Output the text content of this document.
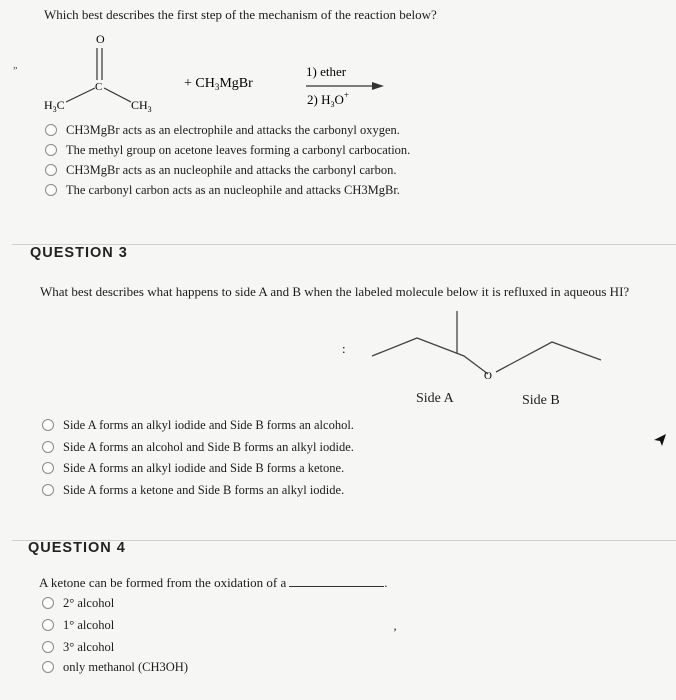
Which best describes the first step of the mechanism of the reaction below?
O
C
$H_3C$	$CH_3$
+ $CH_3MgBr$
1) ether
2) $H_3O^+$
”
CH3MgBr acts as an electrophile and attacks the carbonyl oxygen.
The methyl group on acetone leaves forming a carbonyl carbocation.
CH3MgBr acts as an nucleophile and attacks the carbonyl carbon.
The carbonyl carbon acts as an nucleophile and attacks CH3MgBr.
QUESTION 3
What best describes what happens to side A and B when the labeled molecule below it is refluxed in aqueous HI?
:
O
Side A	Side B
Side A forms an alkyl iodide and Side B forms an alcohol.
Side A forms an alcohol and Side B forms an alkyl iodide.
Side A forms an alkyl iodide and Side B forms a ketone.
Side A forms a ketone and Side B forms an alkyl iodide.
QUESTION 4
A ketone can be formed from the oxidation of a	.
2° alcohol
1° alcohol
3° alcohol
only methanol (CH3OH)
’
